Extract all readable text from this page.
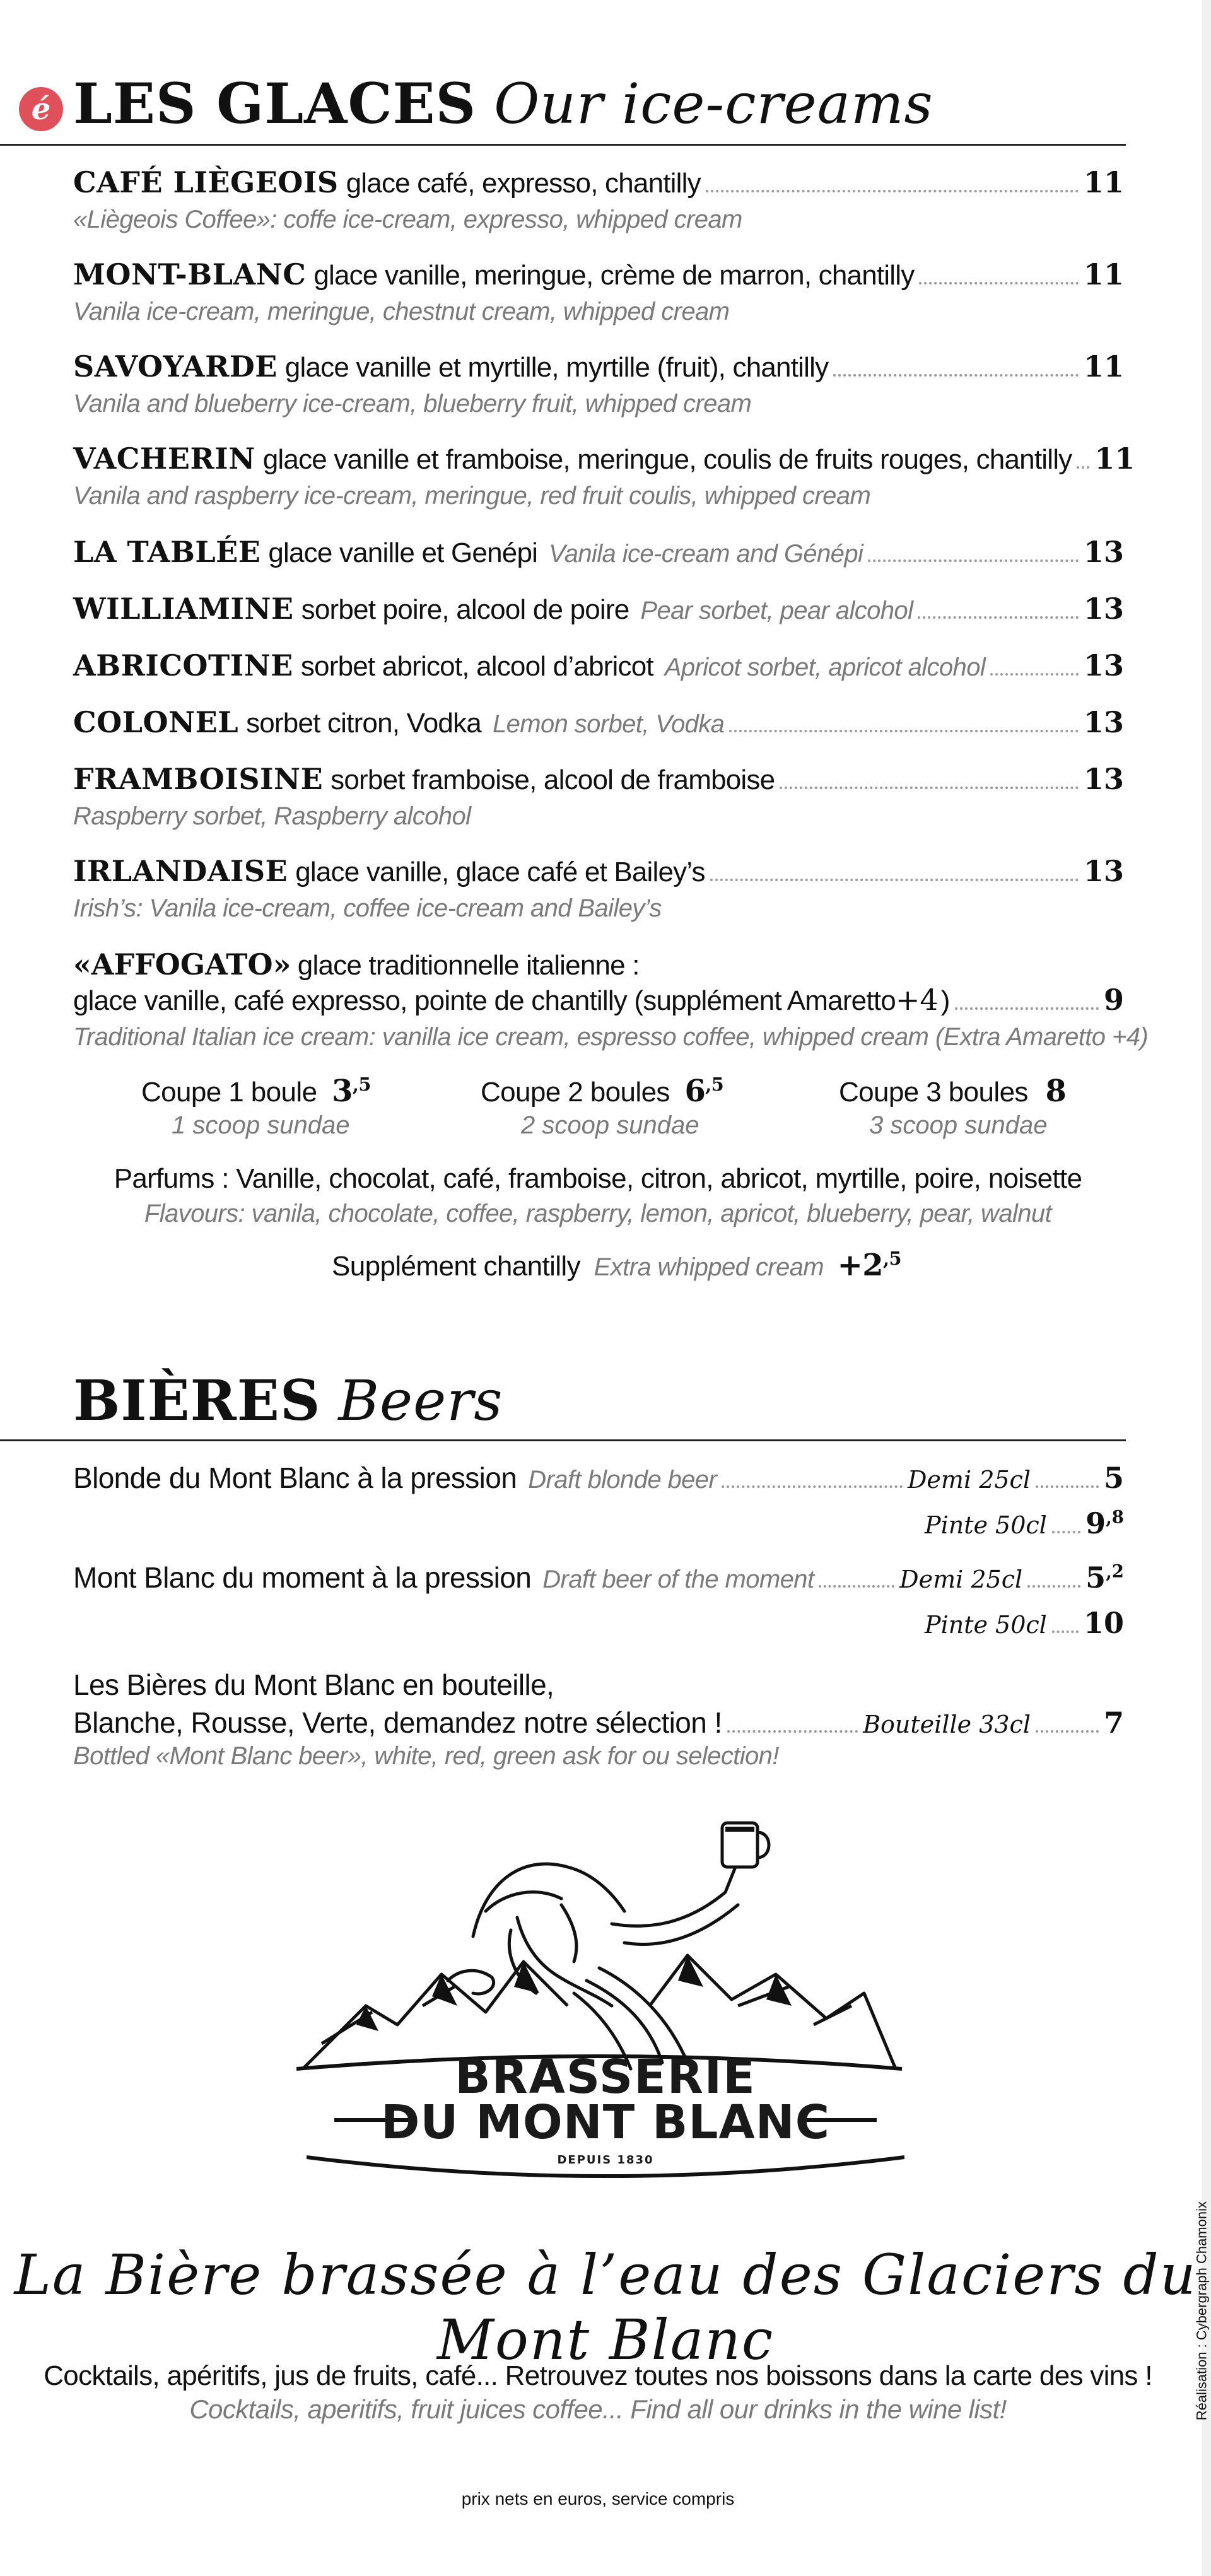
é LES GLACES Our ice-creams
CAFÉ LIÈGEOIS glace café, expresso, chantilly	11
«Liègeois Coffee»: coffe ice-cream, expresso, whipped cream
MONT-BLANC glace vanille, meringue, crème de marron, chantilly	11
Vanila ice-cream, meringue, chestnut cream, whipped cream
SAVOYARDE glace vanille et myrtille, myrtille (fruit), chantilly	11
Vanila and blueberry ice-cream, blueberry fruit, whipped cream
VACHERIN glace vanille et framboise, meringue, coulis de fruits rouges, chantilly 11
Vanila and raspberry ice-cream, meringue, red fruit coulis, whipped cream
LA TABLÉE glace vanille et Genépi Vanila ice-cream and Génépi	13
WILLIAMINE sorbet poire, alcool de poire Pear sorbet, pear alcohol	13
ABRICOTINE sorbet abricot, alcool d’abricot Apricot sorbet, apricot alcohol	13
COLONEL sorbet citron, Vodka Lemon sorbet, Vodka	13
FRAMBOISINE sorbet framboise, alcool de framboise	13
Raspberry sorbet, Raspberry alcohol
IRLANDAISE glace vanille, glace café et Bailey’s	13
Irish’s: Vanila ice-cream, coffee ice-cream and Bailey’s
«AFFOGATO» glace traditionnelle italienne :
glace vanille, café expresso, pointe de chantilly (supplément Amaretto +4 )	9
Traditional Italian ice cream: vanilla ice cream, espresso coffee, whipped cream (Extra Amaretto +4)
Coupe 1 boule $3^{,5}$
1 scoop sundae
Coupe 2 boules $6^{,5}$
2 scoop sundae
Coupe 3 boules 8
3 scoop sundae
Parfums : Vanille, chocolat, café, framboise, citron, abricot, myrtille, poire, noisette
Flavours: vanila, chocolate, coffee, raspberry, lemon, apricot, blueberry, pear, walnut
Supplément chantilly Extra whipped cream $+2^{,5}$
BIÈRES Beers
Blonde du Mont Blanc à la pression Draft blonde beer	Demi 25cl	5
Pinte 50cl $9^{,8}$
Mont Blanc du moment à la pression Draft beer of the moment	Demi 25cl $5^{,2}$
Pinte 50cl 10
Les Bières du Mont Blanc en bouteille,
Blanche, Rousse, Verte, demandez notre sélection !	Bouteille 33cl	7
Bottled «Mont Blanc beer», white, red, green ask for ou selection!
BRASSERIE
DU MONT BLANC
DEPUIS 1830
La Bière brassée à l’eau des Glaciers du Mont Blanc
Cocktails, apéritifs, jus de fruits, café... Retrouvez toutes nos boissons dans la carte des vins !
Cocktails, aperitifs, fruit juices coffee... Find all our drinks in the wine list!
prix nets en euros, service compris
Réalisation : Cybergraph Chamonix
